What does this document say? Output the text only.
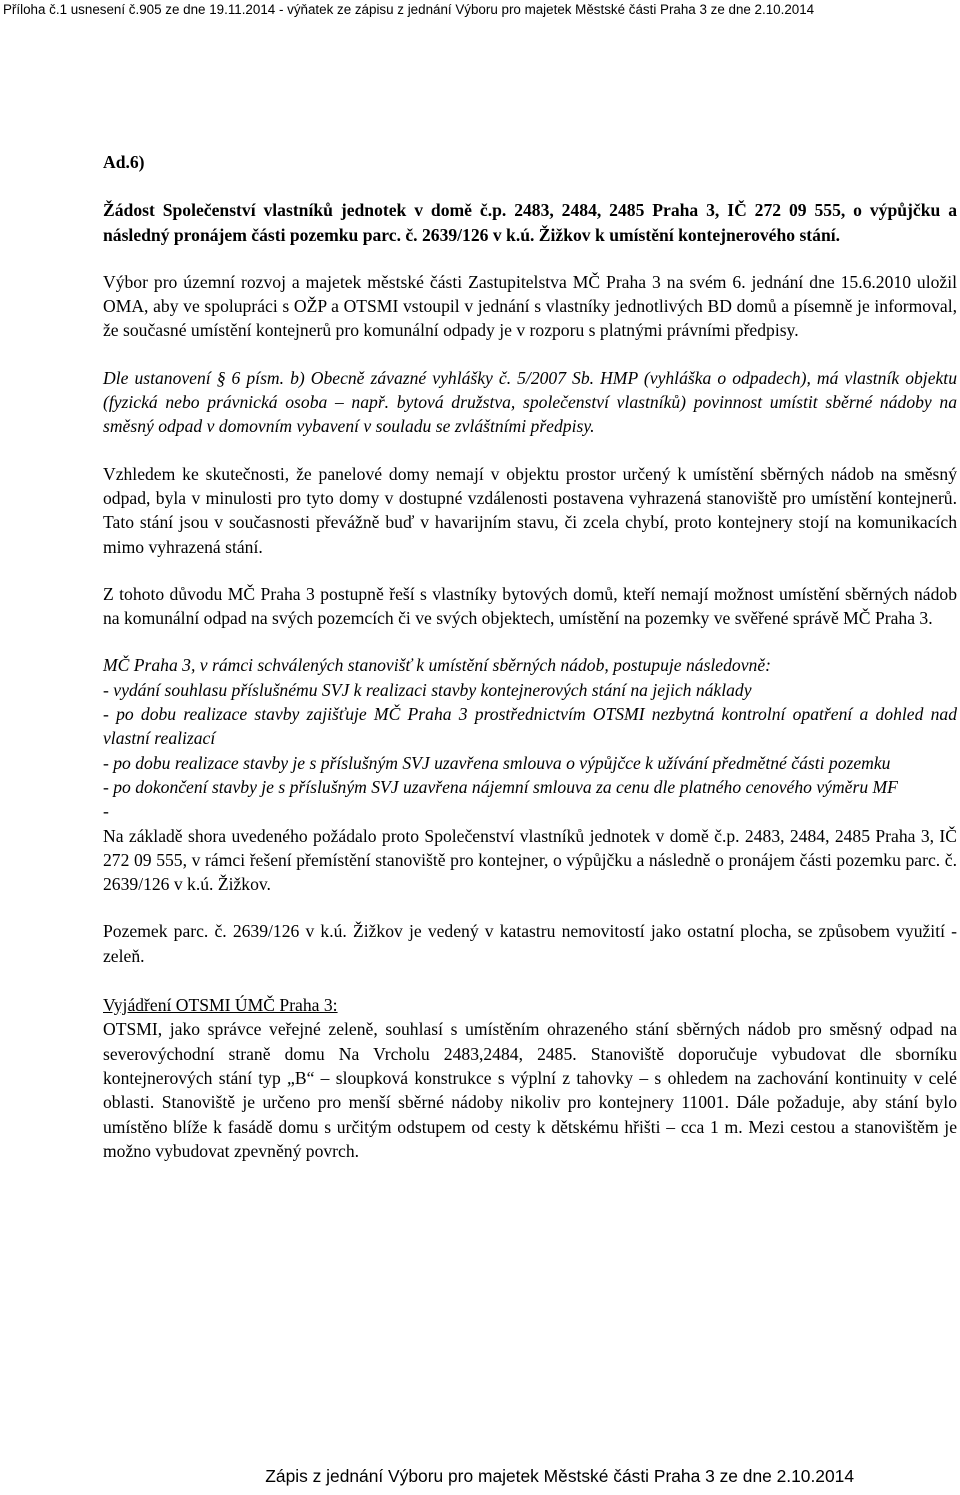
Příloha č.1 usnesení č.905 ze dne 19.11.2014 - výňatek ze zápisu z jednání Výboru pro majetek Městské části Praha 3 ze dne 2.10.2014

Ad.6)

Žádost Společenství vlastníků jednotek v domě č.p. 2483, 2484, 2485 Praha 3, IČ 272 09 555, o výpůjčku a následný pronájem části pozemku parc. č. 2639/126 v k.ú. Žižkov k umístění kontejnerového stání.

Výbor pro územní rozvoj a majetek městské části Zastupitelstva MČ Praha 3 na svém 6. jednání dne 15.6.2010 uložil OMA, aby ve spolupráci s OŽP a OTSMI vstoupil v jednání s vlastníky jednotlivých BD domů a písemně je informoval, že současné umístění kontejnerů pro komunální odpady je v rozporu s platnými právními předpisy.

Dle ustanovení § 6 písm. b) Obecně závazné vyhlášky č. 5/2007 Sb. HMP (vyhláška o odpadech), má vlastník objektu (fyzická nebo právnická osoba – např. bytová družstva, společenství vlastníků) povinnost umístit sběrné nádoby na směsný odpad v domovním vybavení v souladu se zvláštními předpisy.

Vzhledem ke skutečnosti, že panelové domy nemají v objektu prostor určený k umístění sběrných nádob na směsný odpad, byla v minulosti pro tyto domy v dostupné vzdálenosti postavena vyhrazená stanoviště pro umístění kontejnerů. Tato stání jsou v současnosti převážně buď v havarijním stavu, či zcela chybí, proto kontejnery stojí na komunikacích mimo vyhrazená stání.

Z tohoto důvodu MČ Praha 3 postupně řeší s vlastníky bytových domů, kteří nemají možnost umístění sběrných nádob na komunální odpad na svých pozemcích či ve svých objektech, umístění na pozemky ve svěřené správě MČ Praha 3.

MČ Praha 3, v rámci schválených stanovišť k umístění sběrných nádob, postupuje následovně:

- vydání souhlasu příslušnému SVJ k realizaci stavby kontejnerových stání na jejich náklady

- po dobu realizace stavby zajišťuje MČ Praha 3 prostřednictvím OTSMI nezbytná kontrolní opatření a dohled nad vlastní realizací

- po dobu realizace stavby je s příslušným SVJ uzavřena smlouva o výpůjčce k užívání předmětné části pozemku

- po dokončení stavby je s příslušným SVJ uzavřena nájemní smlouva za cenu dle platného cenového výměru MF

-

Na základě shora uvedeného požádalo proto Společenství vlastníků jednotek v domě č.p. 2483, 2484, 2485 Praha 3, IČ 272 09 555, v rámci řešení přemístění stanoviště pro kontejner, o výpůjčku a následně o pronájem části pozemku parc. č. 2639/126 v k.ú. Žižkov.

Pozemek parc. č. 2639/126 v k.ú. Žižkov je vedený v katastru nemovitostí jako ostatní plocha, se způsobem využití - zeleň.

Vyjádření OTSMI ÚMČ Praha 3:

OTSMI, jako správce veřejné zeleně, souhlasí s umístěním ohrazeného stání sběrných nádob pro směsný odpad na severovýchodní straně domu Na Vrcholu 2483,2484, 2485. Stanoviště doporučuje vybudovat dle sborníku kontejnerových stání typ „B“ – sloupková konstrukce s výplní z tahovky – s ohledem na zachování kontinuity v celé oblasti. Stanoviště je určeno pro menší sběrné nádoby nikoliv pro kontejnery 11001. Dále požaduje, aby stání bylo umístěno blíže k fasádě domu s určitým odstupem od cesty k dětskému hřišti – cca 1 m. Mezi cestou a stanovištěm je možno vybudovat zpevněný povrch.

Zápis z jednání Výboru pro majetek Městské části Praha 3 ze dne 2.10.2014
